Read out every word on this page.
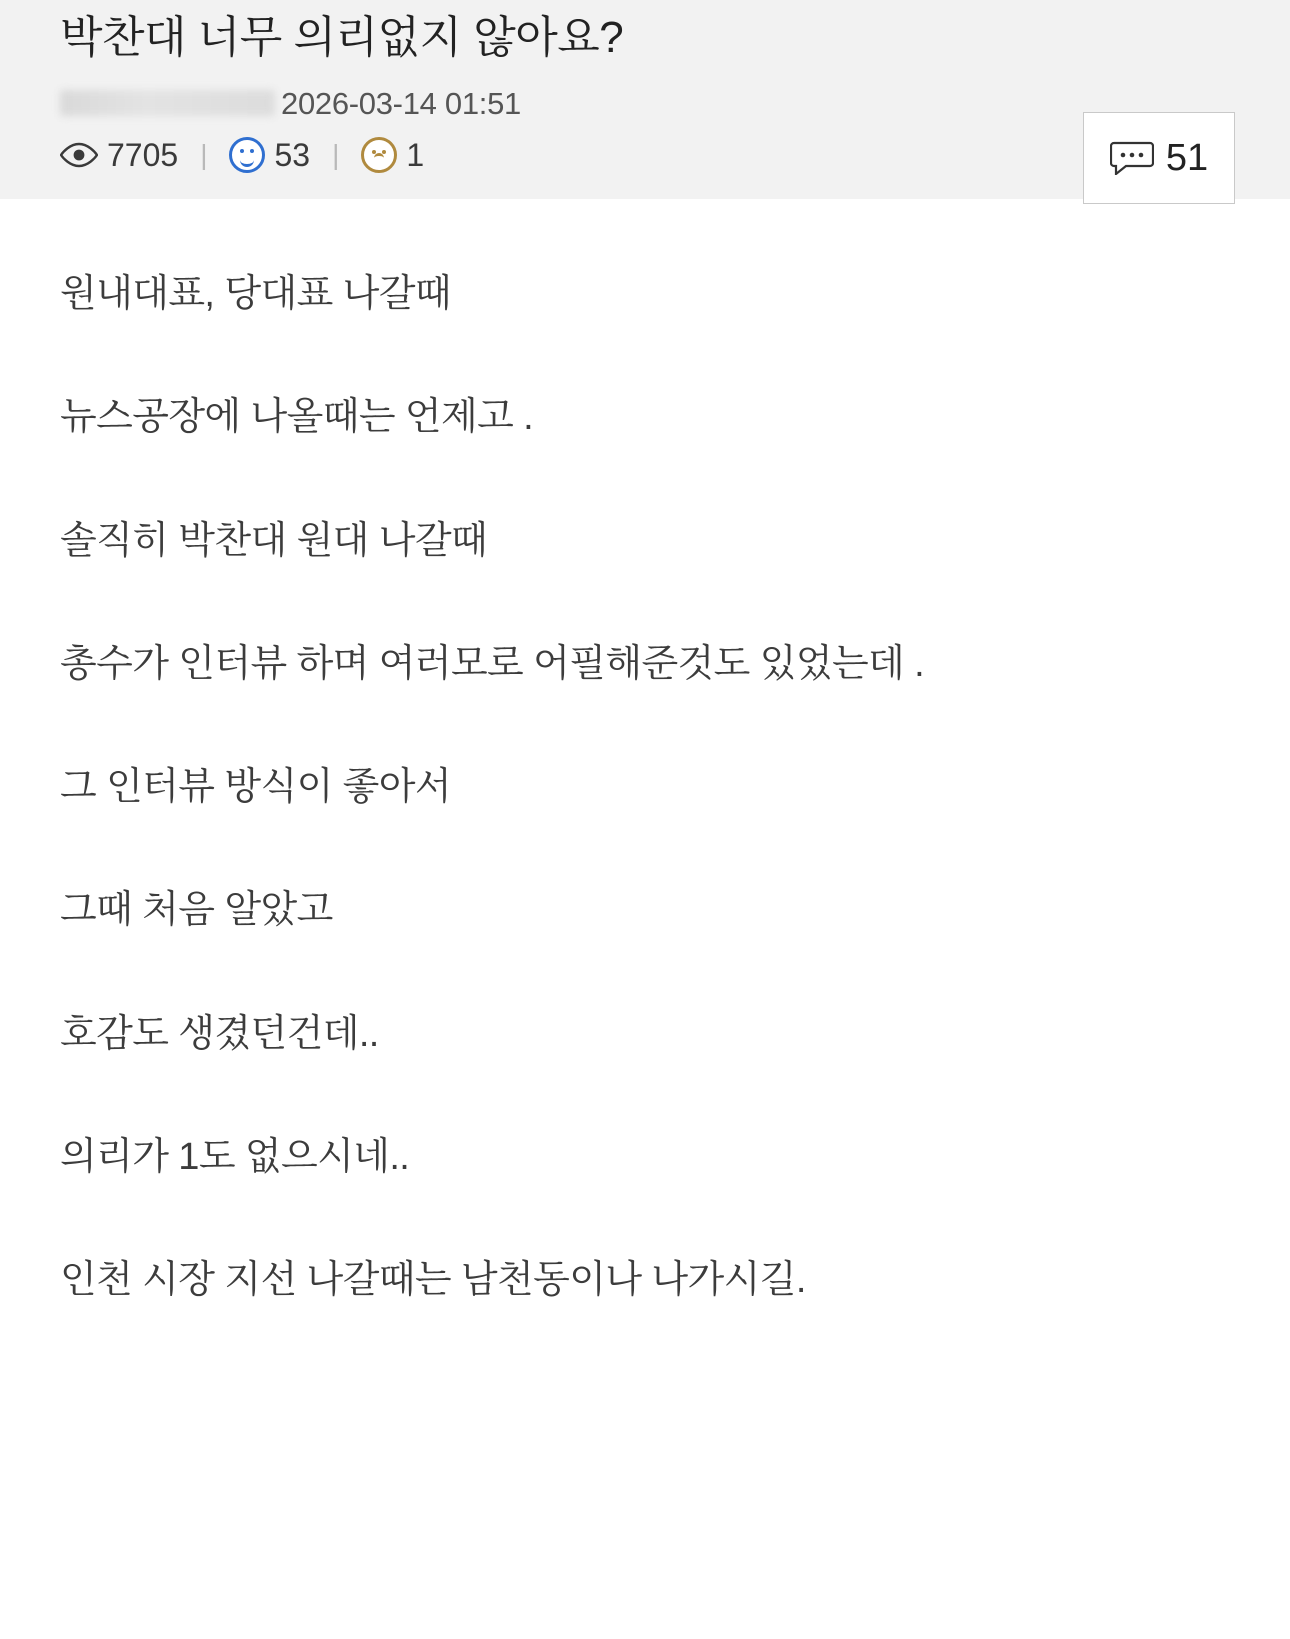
박찬대 너무 의리없지 않아요?
2026-03-14 01:51
7705 | 53 | 1	51

원내대표, 당대표 나갈때

뉴스공장에 나올때는 언제고 .

솔직히 박찬대 원대 나갈때

총수가 인터뷰 하며 여러모로 어필해준것도 있었는데 .

그 인터뷰 방식이 좋아서

그때 처음 알았고

호감도 생겼던건데..

의리가 1도 없으시네..

인천 시장 지선 나갈때는 남천동이나 나가시길.
